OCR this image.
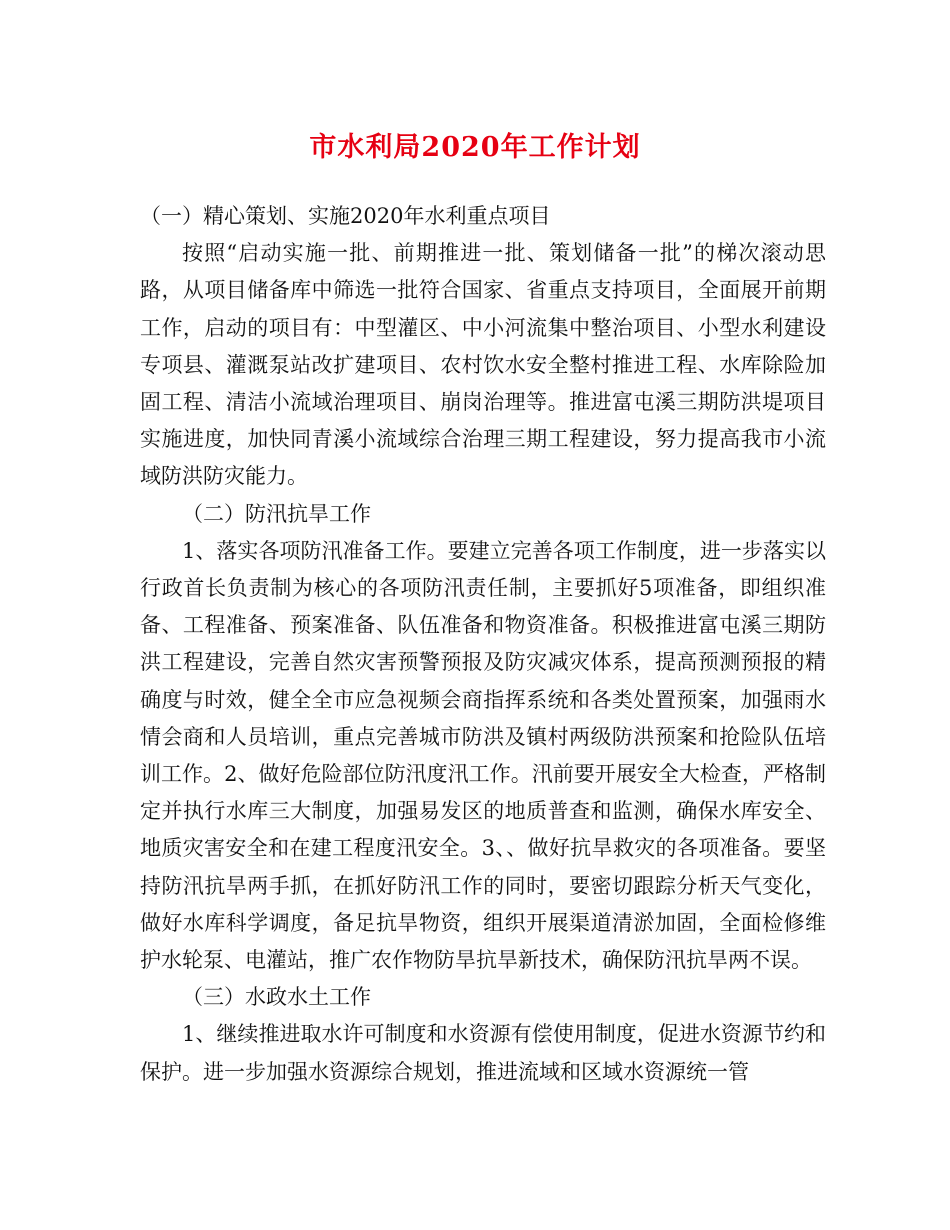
市水利局2020年工作计划

（一）精心策划、实施2020年水利重点项目

按照“启动实施一批、前期推进一批、策划储备一批”的梯次滚动思路，从项目储备库中筛选一批符合国家、省重点支持项目，全面展开前期工作，启动的项目有：中型灌区、中小河流集中整治项目、小型水利建设专项县、灌溉泵站改扩建项目、农村饮水安全整村推进工程、水库除险加固工程、清洁小流域治理项目、崩岗治理等。推进富屯溪三期防洪堤项目实施进度，加快同青溪小流域综合治理三期工程建设，努力提高我市小流域防洪防灾能力。

（二）防汛抗旱工作

1、落实各项防汛准备工作。要建立完善各项工作制度，进一步落实以行政首长负责制为核心的各项防汛责任制，主要抓好5项准备，即组织准备、工程准备、预案准备、队伍准备和物资准备。积极推进富屯溪三期防洪工程建设，完善自然灾害预警预报及防灾减灾体系，提高预测预报的精确度与时效，健全全市应急视频会商指挥系统和各类处置预案，加强雨水情会商和人员培训，重点完善城市防洪及镇村两级防洪预案和抢险队伍培训工作。2、做好危险部位防汛度汛工作。汛前要开展安全大检查，严格制定并执行水库三大制度，加强易发区的地质普查和监测，确保水库安全、地质灾害安全和在建工程度汛安全。3、、做好抗旱救灾的各项准备。要坚持防汛抗旱两手抓，在抓好防汛工作的同时，要密切跟踪分析天气变化，做好水库科学调度，备足抗旱物资，组织开展渠道清淤加固，全面检修维护水轮泵、电灌站，推广农作物防旱抗旱新技术，确保防汛抗旱两不误。

（三）水政水土工作

1、继续推进取水许可制度和水资源有偿使用制度，促进水资源节约和保护。进一步加强水资源综合规划，推进流域和区域水资源统一管
